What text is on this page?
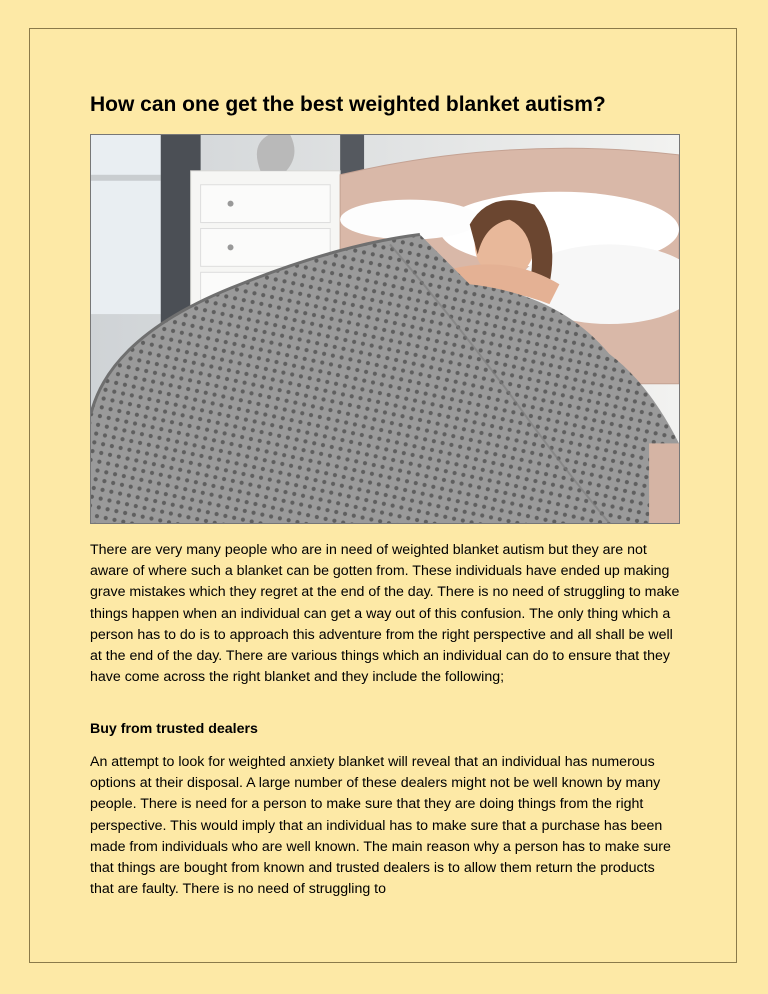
How can one get the best weighted blanket autism?

There are very many people who are in need of weighted blanket autism but they are not aware of where such a blanket can be gotten from. These individuals have ended up making grave mistakes which they regret at the end of the day. There is no need of struggling to make things happen when an individual can get a way out of this confusion. The only thing which a person has to do is to approach this adventure from the right perspective and all shall be well at the end of the day. There are various things which an individual can do to ensure that they have come across the right blanket and they include the following;

Buy from trusted dealers

An attempt to look for weighted anxiety blanket will reveal that an individual has numerous options at their disposal. A large number of these dealers might not be well known by many people. There is need for a person to make sure that they are doing things from the right perspective. This would imply that an individual has to make sure that a purchase has been made from individuals who are well known. The main reason why a person has to make sure that things are bought from known and trusted dealers is to allow them return the products that are faulty. There is no need of struggling to
